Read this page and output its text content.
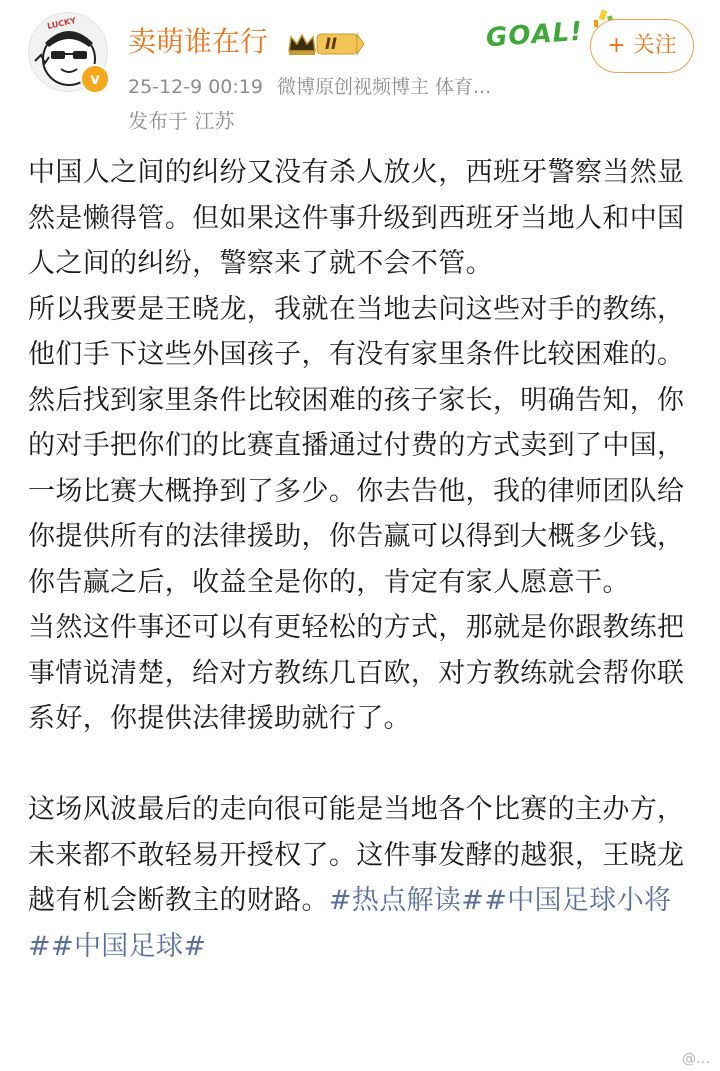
LUCKY
v
卖萌谁在行	II
25-12-9 00:19 微博原创视频博主 体育...
发布于 江苏
GOAL!	+ 关注

中国人之间的纠纷又没有杀人放火，西班牙警察当然显然是懒得管。但如果这件事升级到西班牙当地人和中国人之间的纠纷，警察来了就不会不管。

所以我要是王晓龙，我就在当地去问这些对手的教练，他们手下这些外国孩子，有没有家里条件比较困难的。

然后找到家里条件比较困难的孩子家长，明确告知，你的对手把你们的比赛直播通过付费的方式卖到了中国，一场比赛大概挣到了多少。你去告他，我的律师团队给你提供所有的法律援助，你告赢可以得到大概多少钱，你告赢之后，收益全是你的，肯定有家人愿意干。

当然这件事还可以有更轻松的方式，那就是你跟教练把事情说清楚，给对方教练几百欧，对方教练就会帮你联系好，你提供法律援助就行了。

这场风波最后的走向很可能是当地各个比赛的主办方，未来都不敢轻易开授权了。这件事发酵的越狠，王晓龙越有机会断教主的财路。#热点解读##中国足球小将##中国足球#

@…
